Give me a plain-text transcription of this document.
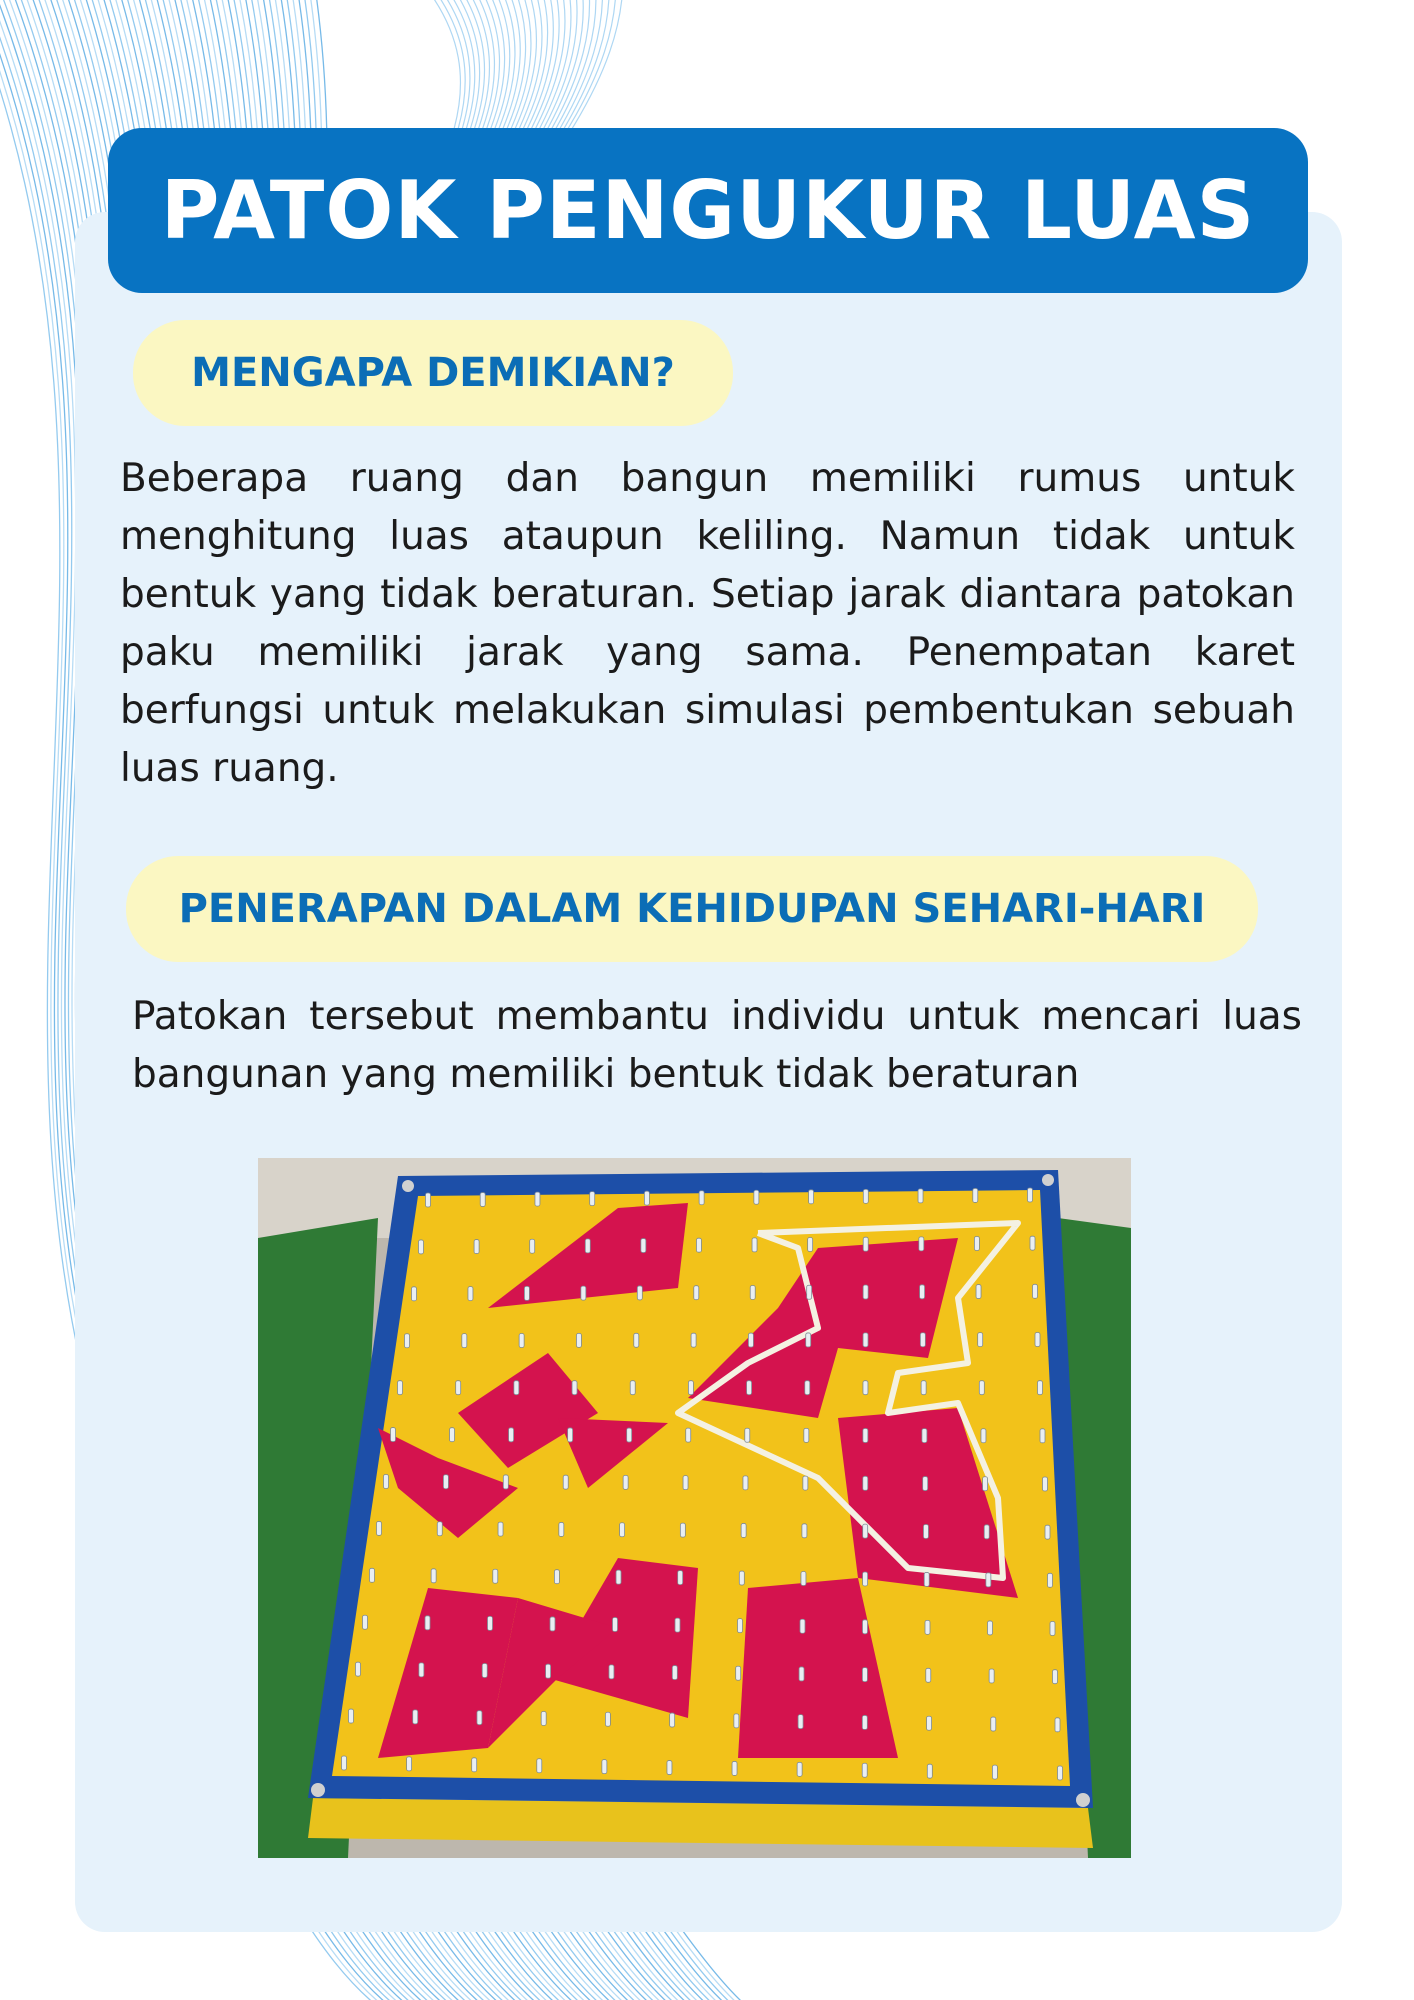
PATOK PENGUKUR LUAS
MENGAPA DEMIKIAN?
Beberapa ruang dan bangun memiliki rumus untuk menghitung luas ataupun keliling. Namun tidak untuk bentuk yang tidak beraturan. Setiap jarak diantara patokan paku memiliki jarak yang sama. Penempatan karet berfungsi untuk melakukan simulasi pembentukan sebuah luas ruang.
PENERAPAN DALAM KEHIDUPAN SEHARI-HARI
Patokan tersebut membantu individu untuk mencari luas bangunan yang memiliki bentuk tidak beraturan
